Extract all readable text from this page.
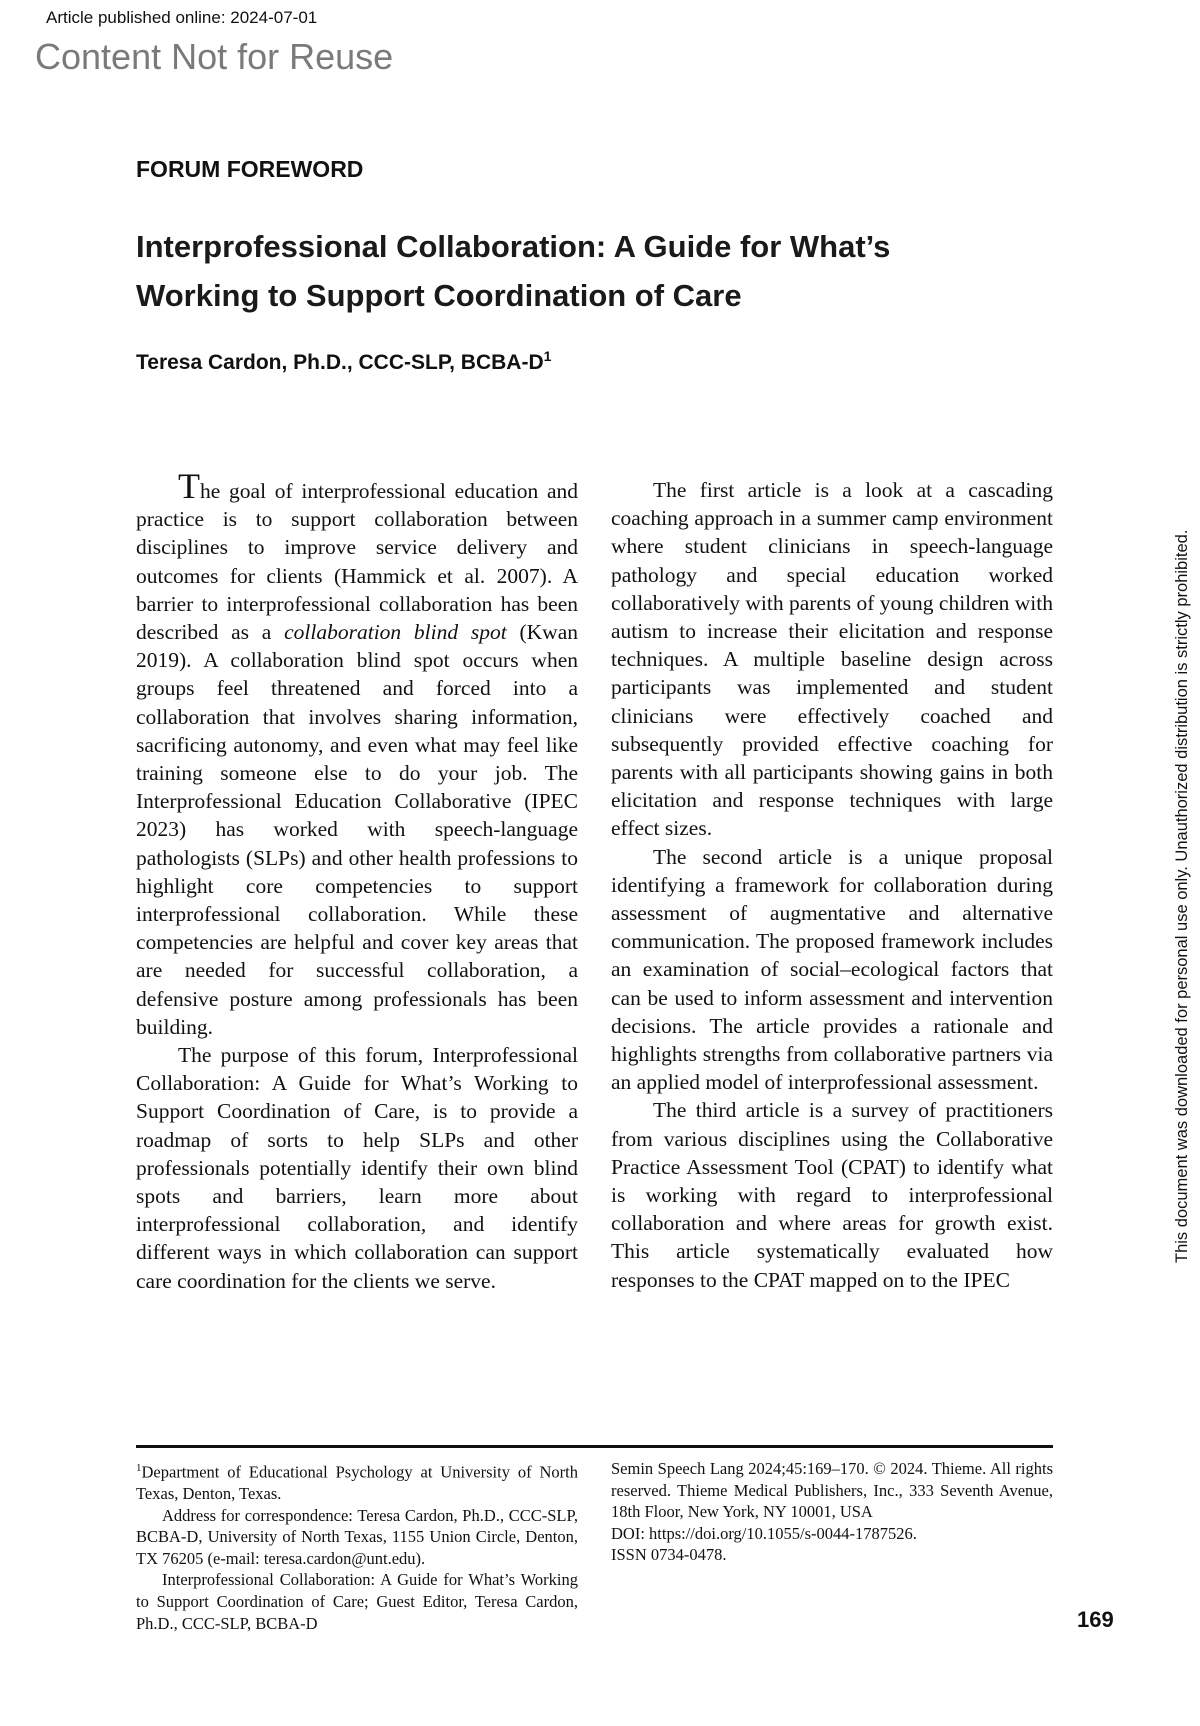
Article published online: 2024-07-01
Content Not for Reuse
FORUM FOREWORD
Interprofessional Collaboration: A Guide for What’s Working to Support Coordination of Care
Teresa Cardon, Ph.D., CCC-SLP, BCBA-$D^1$

The goal of interprofessional education and practice is to support collaboration between disciplines to improve service delivery and outcomes for clients (Hammick et al. 2007). A barrier to interprofessional collaboration has been described as a collaboration blind spot (Kwan 2019). A collaboration blind spot occurs when groups feel threatened and forced into a collaboration that involves sharing information, sacrificing autonomy, and even what may feel like training someone else to do your job. The Interprofessional Education Collaborative (IPEC 2023) has worked with speech-language pathologists (SLPs) and other health professions to highlight core competencies to support interprofessional collaboration. While these competencies are helpful and cover key areas that are needed for successful collaboration, a defensive posture among professionals has been building.

The purpose of this forum, Interprofessional Collaboration: A Guide for What’s Working to Support Coordination of Care, is to provide a roadmap of sorts to help SLPs and other professionals potentially identify their own blind spots and barriers, learn more about interprofessional collaboration, and identify different ways in which collaboration can support care coordination for the clients we serve.

The first article is a look at a cascading coaching approach in a summer camp environment where student clinicians in speech-language pathology and special education worked collaboratively with parents of young children with autism to increase their elicitation and response techniques. A multiple baseline design across participants was implemented and student clinicians were effectively coached and subsequently provided effective coaching for parents with all participants showing gains in both elicitation and response techniques with large effect sizes.

The second article is a unique proposal identifying a framework for collaboration during assessment of augmentative and alternative communication. The proposed framework includes an examination of social–ecological factors that can be used to inform assessment and intervention decisions. The article provides a rationale and highlights strengths from collaborative partners via an applied model of interprofessional assessment.

The third article is a survey of practitioners from various disciplines using the Collaborative Practice Assessment Tool (CPAT) to identify what is working with regard to interprofessional collaboration and where areas for growth exist. This article systematically evaluated how responses to the CPAT mapped on to the IPEC

$^1$Department of Educational Psychology at University of North Texas, Denton, Texas.

Address for correspondence: Teresa Cardon, Ph.D., CCC-SLP, BCBA-D, University of North Texas, 1155 Union Circle, Denton, TX 76205 (e-mail: teresa.cardon@unt.edu).

Interprofessional Collaboration: A Guide for What’s Working to Support Coordination of Care; Guest Editor, Teresa Cardon, Ph.D., CCC-SLP, BCBA-D

Semin Speech Lang 2024;45:169–170. © 2024. Thieme. All rights reserved. Thieme Medical Publishers, Inc., 333 Seventh Avenue, 18th Floor, New York, NY 10001, USA

DOI: https://doi.org/10.1055/s-0044-1787526.

ISSN 0734-0478.

169
This document was downloaded for personal use only. Unauthorized distribution is strictly prohibited.
